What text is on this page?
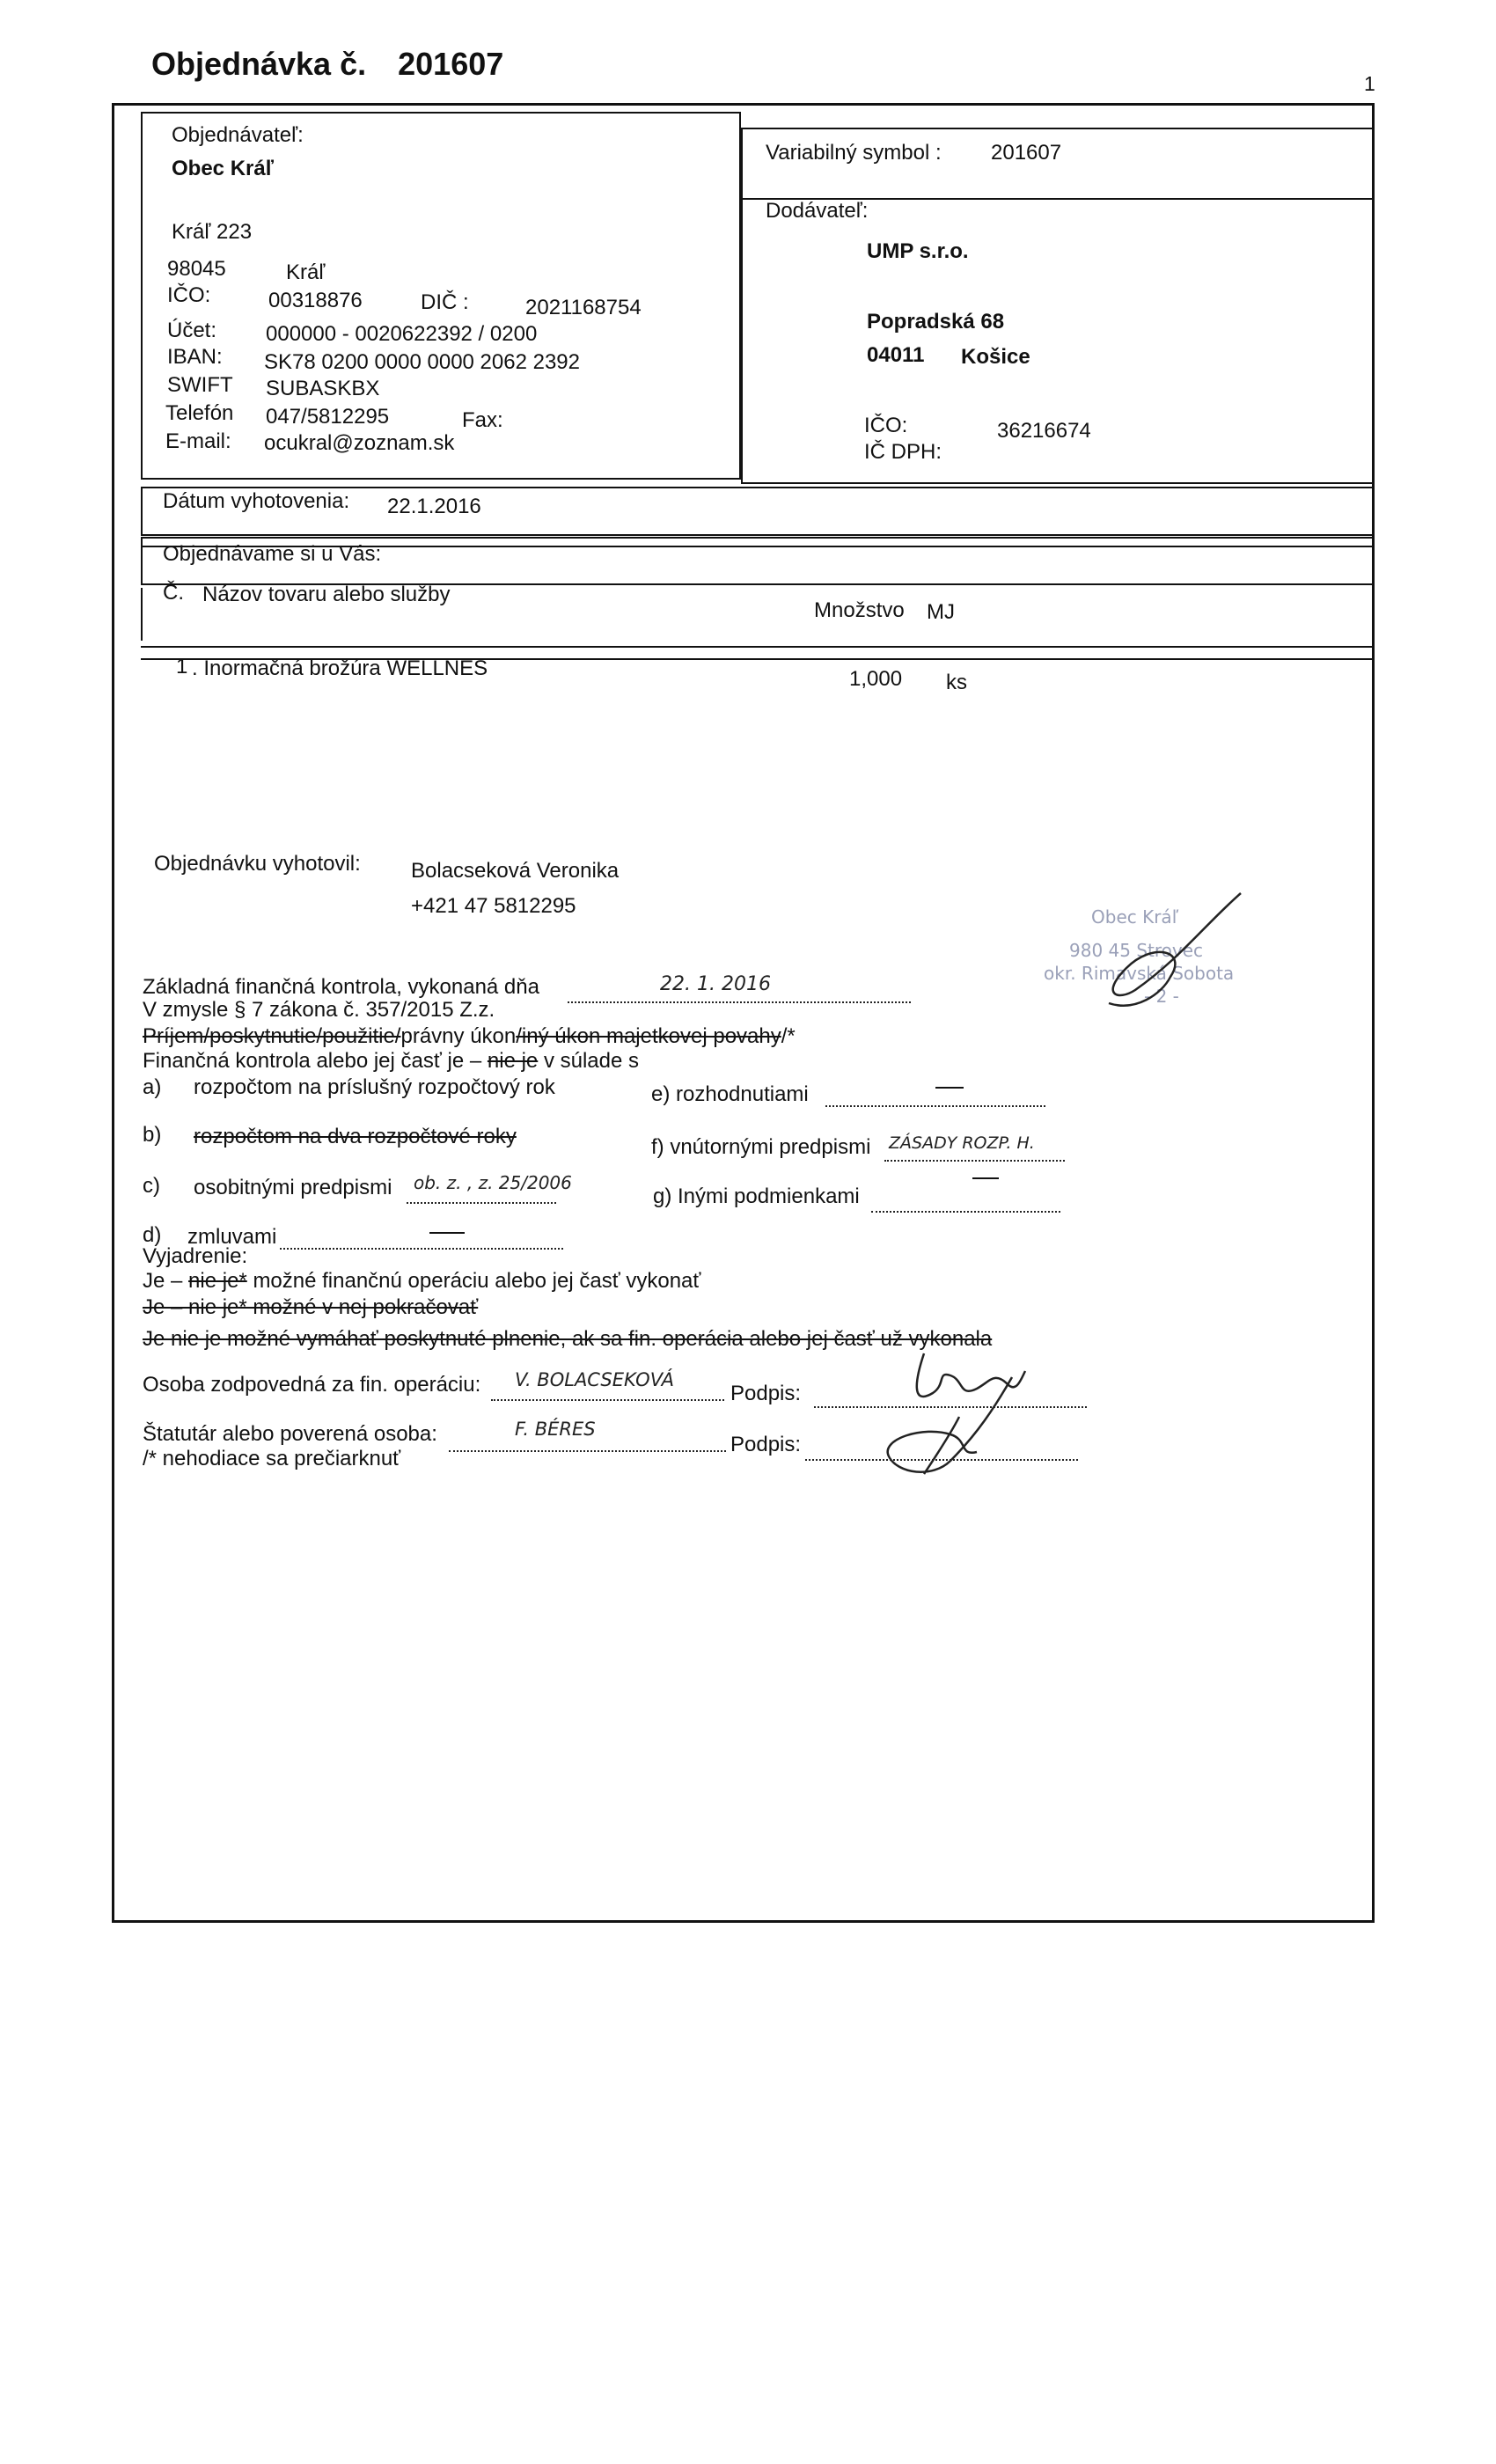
Objednávka č. 201607
1
Objednávateľ:
Obec Kráľ
Kráľ 223
98045	Kráľ
IČO:	00318876	DIČ :	2021168754
Účet: 000000 - 0020622392 / 0200
IBAN: SK78 0200 0000 0000 2062 2392
SWIFT SUBASKBX
Telefón 047/5812295	Fax:
E-mail: ocukral@zoznam.sk
Variabilný symbol : 201607
Dodávateľ:
UMP s.r.o.
Popradská 68
04011 Košice
IČO:	36216674
IČ DPH:
Dátum vyhotovenia: 22.1.2016
Objednávame si u Vás:
Č. Názov tovaru alebo služby
Množstvo MJ
1 . Inormačná brožúra WELLNES	1,000 ks
Objednávku vyhotovil: Bolacseková Veronika
+421 47 5812295	Obec Kráľ
980 45 Strovec
okr. Rimavská Sobota
- 2 -
Základná finančná kontrola, vykonaná dňa	22. 1. 2016
V zmysle § 7 zákona č. 357/2015 Z.z.
Príjem/poskytnutie/použitie/právny úkon/iný úkon majetkovej povahy/*
Finančná kontrola alebo jej časť je – nie je v súlade s
a) rozpočtom na príslušný rozpočtový rok	e) rozhodnutiami
b) rozpočtom na dva rozpočtové roky	f) vnútornými predpismi ZÁSADY ROZP. H.
c) osobitnými predpismi ob. z. , z. 25/2006
g) Inými podmienkami
d) zmluvami
Vyjadrenie:
Je – nie je* možné finančnú operáciu alebo jej časť vykonať
Je – nie je* možné v nej pokračovať
Je nie je možné vymáhať poskytnuté plnenie, ak sa fin. operácia alebo jej časť už vykonala
Osoba zodpovedná za fin. operáciu: V. BOLACSEKOVÁ
Podpis:
Štatutár alebo poverená osoba:	F. BÉRES
Podpis:
/* nehodiace sa prečiarknuť
